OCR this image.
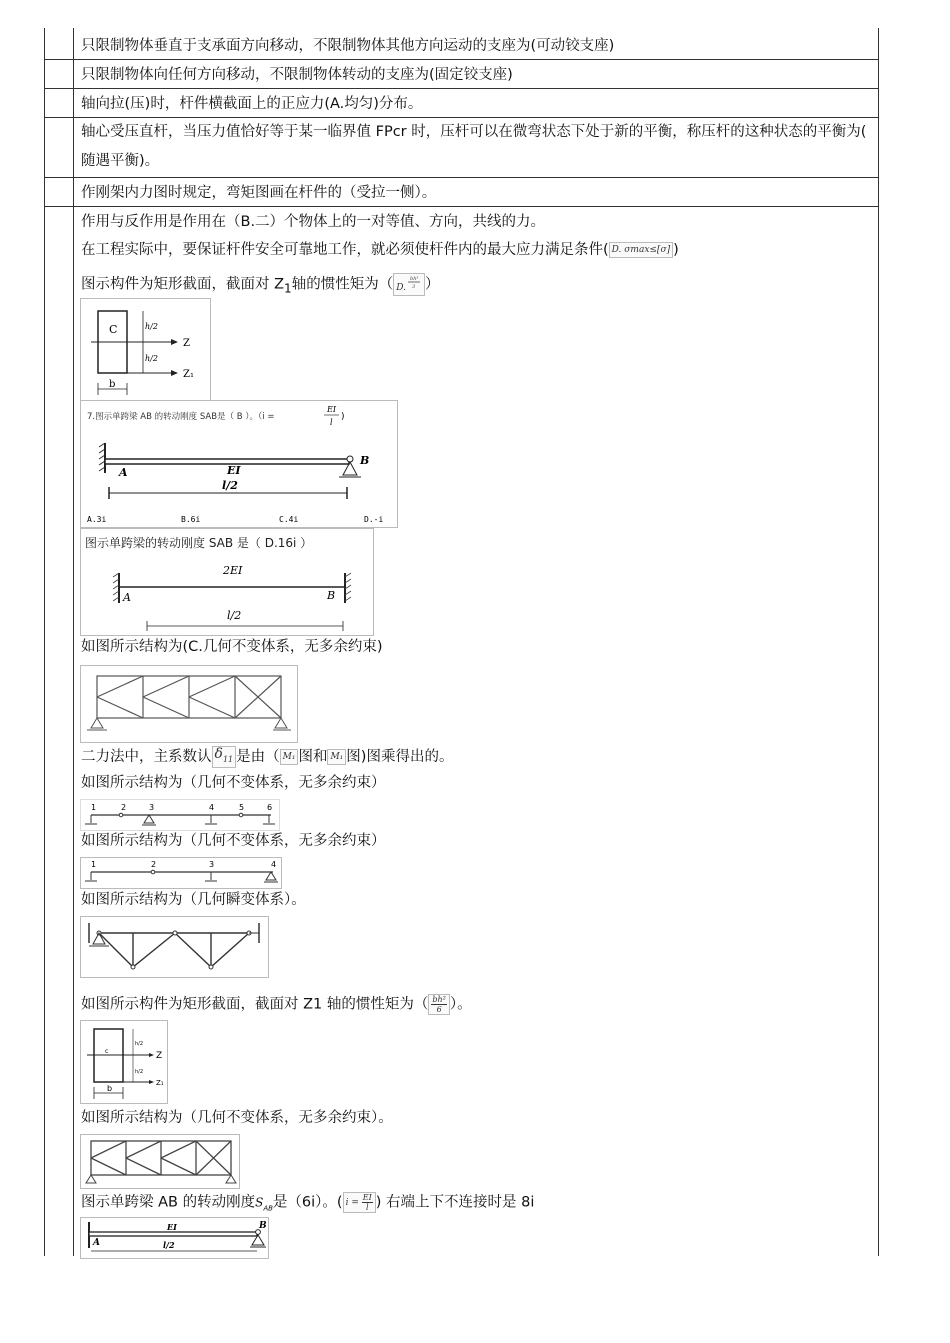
只限制物体垂直于支承面方向移动，不限制物体其他方向运动的支座为(可动铰支座)
只限制物体向任何方向移动，不限制物体转动的支座为(固定铰支座)
轴向拉(压)时，杆件横截面上的正应力(A.均匀)分布。
轴心受压直杆，当压力值恰好等于某一临界值 FPcr 时，压杆可以在微弯状态下处于新的平衡，称压杆的这种状态的平衡为( 随遇平衡)。
作刚架内力图时规定，弯矩图画在杆件的（受拉一侧）。
作用与反作用是作用在（B.二）个物体上的一对等值、方向，共线的力。
在工程实际中，要保证杆件安全可靠地工作，就必须使杆件内的最大应力满足条件( D. σmax≤[σ] )
图示构件为矩形截面，截面对 $Z_1$轴的惯性矩为（ D.
bh³
3 ）
C	h/2
h/2
Z
Z₁
b
7.图示单跨梁 AB 的转动刚度 SAB是（ B ）。（i =
EI
l
)
A
B
EI
l/2
A.3i	B.6i	C.4i	D.-i
图示单跨梁的转动刚度 SAB 是（ D.16i ）
2EI
A	B
l/2
如图所示结构为(C.几何不变体系，无多余约束)
二力法中，主系数认 $\delta_{11}$ 是由（ M₁ 图和 M₁ 图)图乘得出的。
如图所示结构为（几何不变体系，无多余约束）
1	2	3	4	5	6
如图所示结构为（几何不变体系，无多余约束）
1	2	3	4
如图所示结构为（几何瞬变体系）。
如图所示构件为矩形截面，截面对 Z1 轴的惯性矩为（ $\frac{\text{bh²}}{6}$ ）。
c
h/2
h/2
Z
Z₁
b
如图所示结构为（几何不变体系，无多余约束）。
图示单跨梁 AB 的转动刚度$S_{AB}$是（6i）。( $i = \frac{EI}{l}$ ) 右端上下不连接时是 8i
A
B
EI
l/2
